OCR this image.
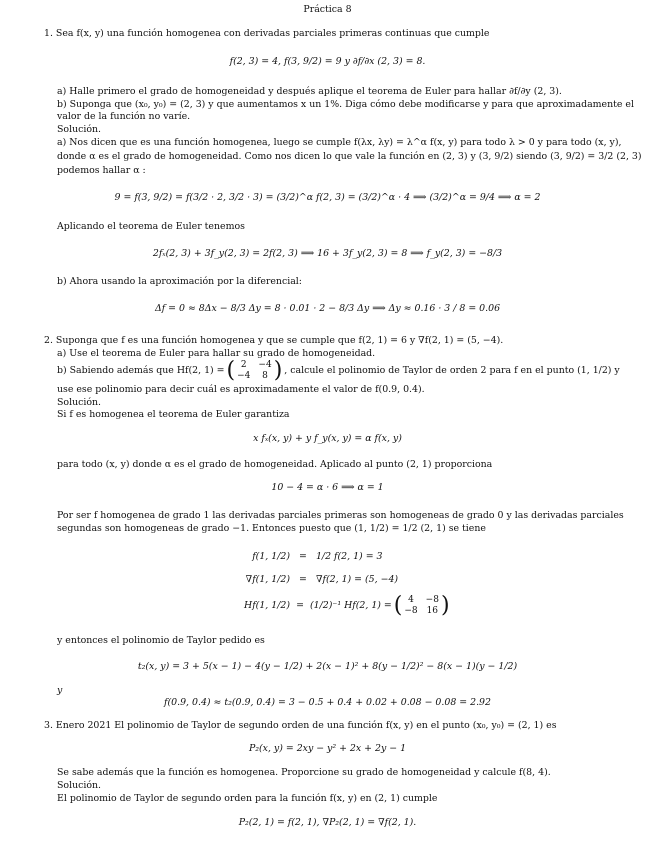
Práctica 8
1. Sea f(x, y) una función homogenea con derivadas parciales primeras continuas que cumple
f(2, 3) = 4, f(3, 9/2) = 9 y ∂f/∂x (2, 3) = 8.
a) Halle primero el grado de homogeneidad y después aplique el teorema de Euler para hallar ∂f/∂y (2, 3).
b) Suponga que (x₀, y₀) = (2, 3) y que aumentamos x un 1%. Diga cómo debe modificarse y para que aproximadamente el
valor de la función no varíe.
Solución.
a) Nos dicen que es una función homogenea, luego se cumple f(λx, λy) = λ^α f(x, y) para todo λ > 0 y para todo (x, y),
donde α es el grado de homogeneidad. Como nos dicen lo que vale la función en (2, 3) y (3, 9/2) siendo (3, 9/2) = 3/2 (2, 3)
podemos hallar α :
9 = f(3, 9/2) = f(3/2 · 2, 3/2 · 3) = (3/2)^α f(2, 3) = (3/2)^α · 4 ⟹ (3/2)^α = 9/4 ⟹ α = 2
Aplicando el teorema de Euler tenemos
2fₓ(2, 3) + 3f_y(2, 3) = 2f(2, 3) ⟹ 16 + 3f_y(2, 3) = 8 ⟹ f_y(2, 3) = −8/3
b) Ahora usando la aproximación por la diferencial:
Δf = 0 ≈ 8Δx − 8/3 Δy = 8 · 0.01 · 2 − 8/3 Δy ⟹ Δy ≈ 0.16 · 3 / 8 = 0.06
2. Suponga que f es una función homogenea y que se cumple que f(2, 1) = 6 y ∇f(2, 1) = (5, −4).
a) Use el teorema de Euler para hallar su grado de homogeneidad.
b) Sabiendo además que Hf(2, 1) = ( 2	−4
−4	8 ) , calcule el polinomio de Taylor de orden 2 para f en el punto (1, 1/2) y
use ese polinomio para decir cuál es aproximadamente el valor de f(0.9, 0.4).
Solución.
Si f es homogenea el teorema de Euler garantiza
x fₓ(x, y) + y f_y(x, y) = α f(x, y)
para todo (x, y) donde α es el grado de homogeneidad. Aplicado al punto (2, 1) proporciona
10 − 4 = α · 6 ⟹ α = 1
Por ser f homogenea de grado 1 las derivadas parciales primeras son homogeneas de grado 0 y las derivadas parciales
segundas son homogeneas de grado −1. Entonces puesto que (1, 1/2) = 1/2 (2, 1) se tiene
f(1, 1/2) = 1/2 f(2, 1) = 3
∇f(1, 1/2) = ∇f(2, 1) = (5, −4)
Hf(1, 1/2) = (1/2)⁻¹ Hf(2, 1) = ( 4	−8
−8 16 )
y entonces el polinomio de Taylor pedido es
t₂(x, y) = 3 + 5(x − 1) − 4(y − 1/2) + 2(x − 1)² + 8(y − 1/2)² − 8(x − 1)(y − 1/2)
y
f(0.9, 0.4) ≈ t₂(0.9, 0.4) = 3 − 0.5 + 0.4 + 0.02 + 0.08 − 0.08 = 2.92
3. Enero 2021 El polinomio de Taylor de segundo orden de una función f(x, y) en el punto (x₀, y₀) = (2, 1) es
P₂(x, y) = 2xy − y² + 2x + 2y − 1
Se sabe además que la función es homogenea. Proporcione su grado de homogeneidad y calcule f(8, 4).
Solución.
El polinomio de Taylor de segundo orden para la función f(x, y) en (2, 1) cumple
P₂(2, 1) = f(2, 1), ∇P₂(2, 1) = ∇f(2, 1).
